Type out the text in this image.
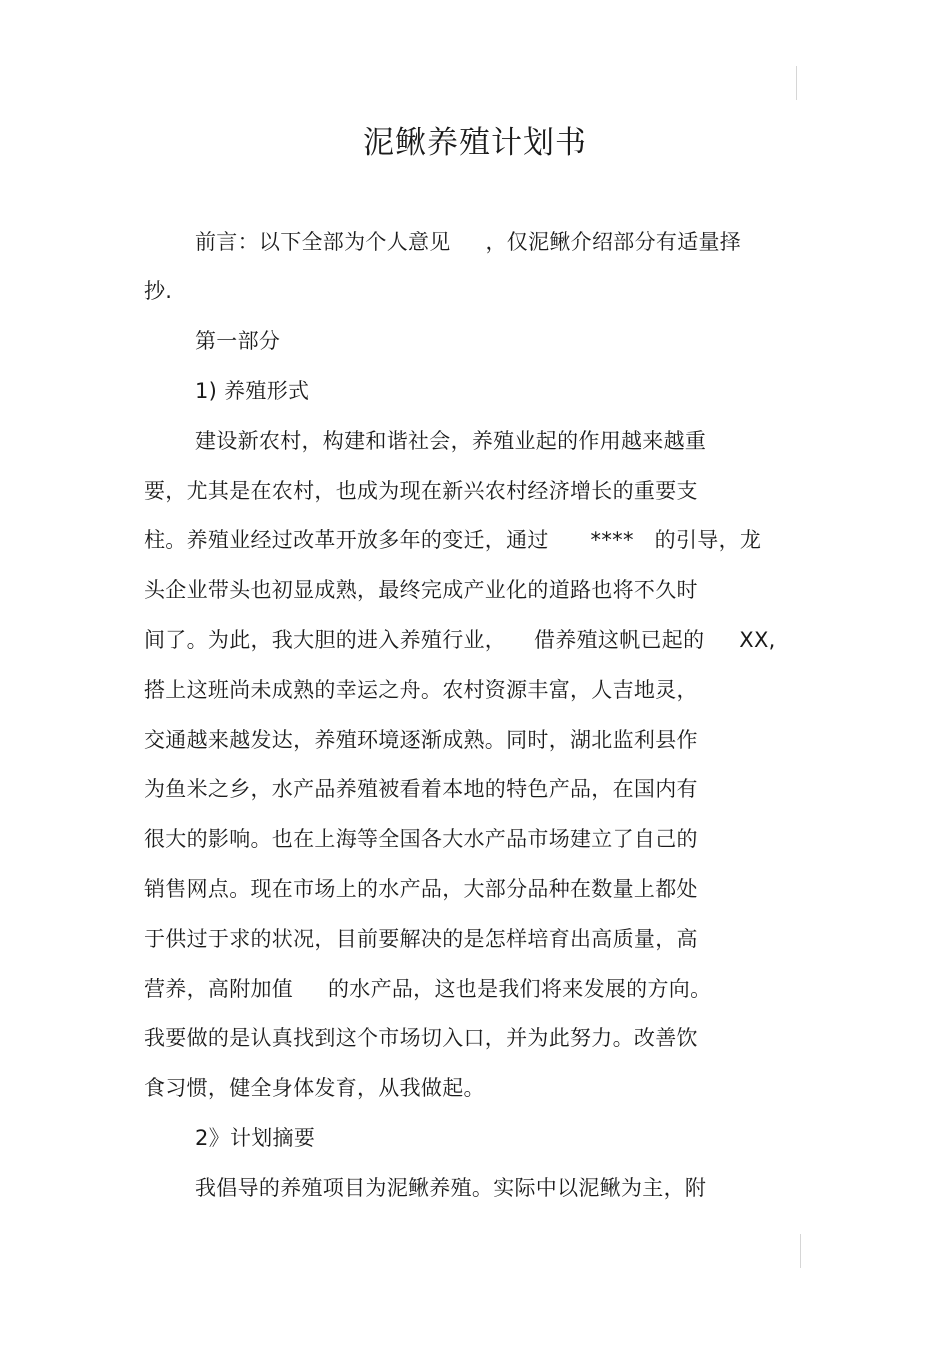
泥鳅养殖计划书
前言：以下全部为个人意见     ，仅泥鳅介绍部分有适量择
抄.
第一部分
1) 养殖形式
建设新农村，构建和谐社会，养殖业起的作用越来越重
要，尤其是在农村，也成为现在新兴农村经济增长的重要支
柱。养殖业经过改革开放多年的变迁，通过      ****   的引导，龙
头企业带头也初显成熟，最终完成产业化的道路也将不久时
间了。为此，我大胆的进入养殖行业，    借养殖这帆已起的     XX,
搭上这班尚未成熟的幸运之舟。农村资源丰富，人吉地灵，
交通越来越发达，养殖环境逐渐成熟。同时，湖北监利县作
为鱼米之乡，水产品养殖被看着本地的特色产品，在国内有
很大的影响。也在上海等全国各大水产品市场建立了自己的
销售网点。现在市场上的水产品，大部分品种在数量上都处
于供过于求的状况，目前要解决的是怎样培育出高质量，高
营养，高附加值     的水产品，这也是我们将来发展的方向。
我要做的是认真找到这个市场切入口，并为此努力。改善饮
食习惯，健全身体发育，从我做起。
2》计划摘要
我倡导的养殖项目为泥鳅养殖。实际中以泥鳅为主，附
